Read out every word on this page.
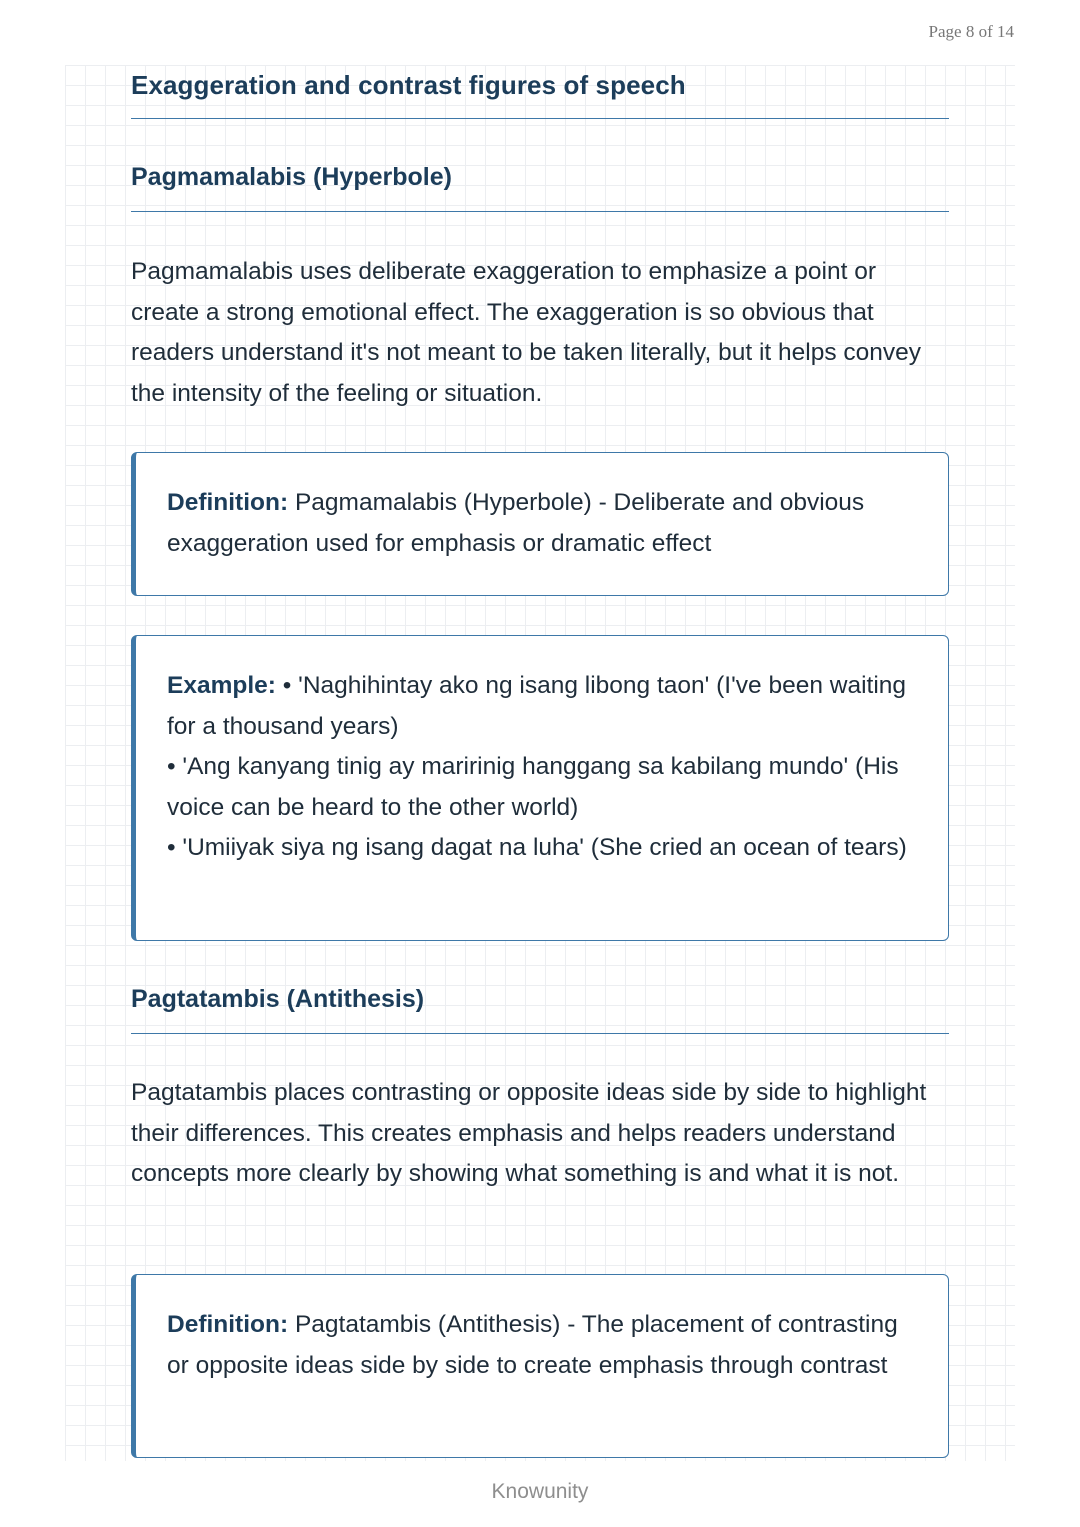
Page 8 of 14
Exaggeration and contrast figures of speech
Pagmamalabis (Hyperbole)

Pagmamalabis uses deliberate exaggeration to emphasize a point or create a strong emotional effect. The exaggeration is so obvious that readers understand it's not meant to be taken literally, but it helps convey the intensity of the feeling or situation.

Definition: Pagmamalabis (Hyperbole) - Deliberate and obvious exaggeration used for emphasis or dramatic effect

Example: • 'Naghihintay ako ng isang libong taon' (I've been waiting for a thousand years)
• 'Ang kanyang tinig ay maririnig hanggang sa kabilang mundo' (His voice can be heard to the other world)
• 'Umiiyak siya ng isang dagat na luha' (She cried an ocean of tears)

Pagtatambis (Antithesis)

Pagtatambis places contrasting or opposite ideas side by side to highlight their differences. This creates emphasis and helps readers understand concepts more clearly by showing what something is and what it is not.

Definition: Pagtatambis (Antithesis) - The placement of contrasting or opposite ideas side by side to create emphasis through contrast

Knowunity
